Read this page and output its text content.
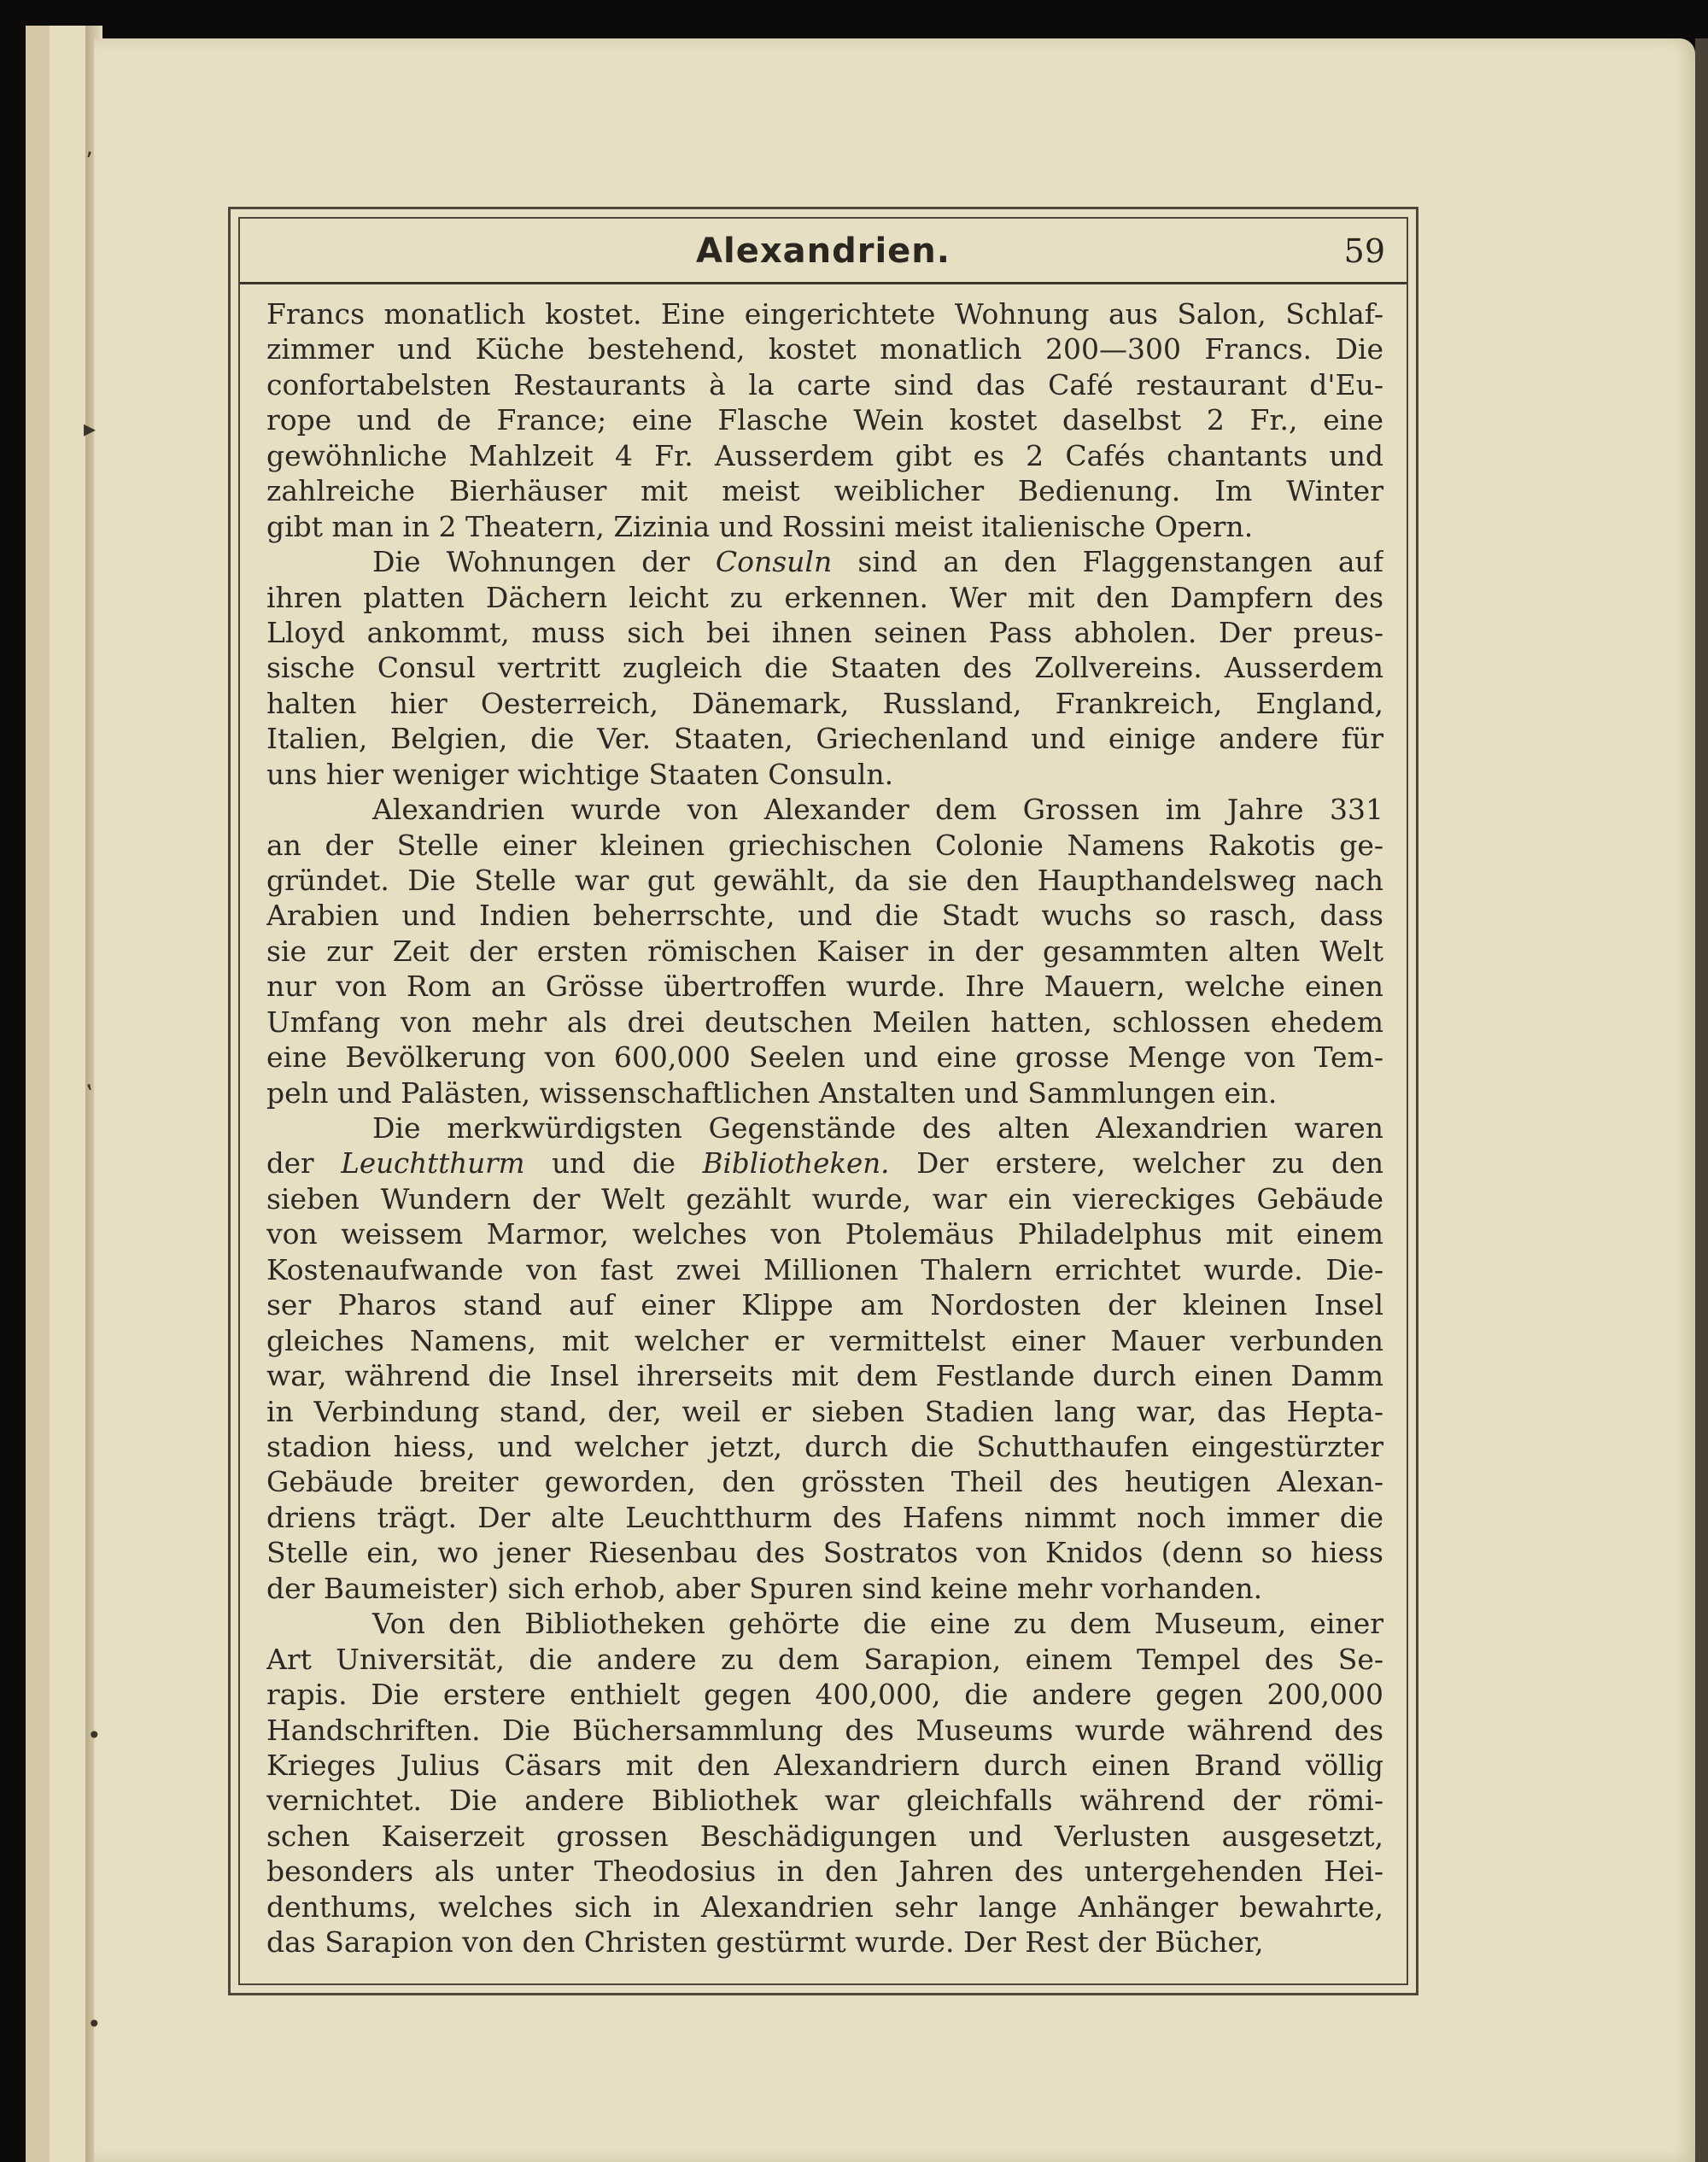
ʼ
▸
ʽ
•
•
Alexandrien.	59
Francs monatlich kostet. Eine eingerichtete Wohnung aus Salon, Schlaf-
zimmer und Küche bestehend, kostet monatlich 200—300 Francs. Die
confortabelsten Restaurants à la carte sind das Café restaurant d'Eu-
rope und de France; eine Flasche Wein kostet daselbst 2 Fr., eine
gewöhnliche Mahlzeit 4 Fr. Ausserdem gibt es 2 Cafés chantants und
zahlreiche Bierhäuser mit meist weiblicher Bedienung. Im Winter
gibt man in 2 Theatern, Zizinia und Rossini meist italienische Opern.
Die Wohnungen der Consuln sind an den Flaggenstangen auf
ihren platten Dächern leicht zu erkennen. Wer mit den Dampfern des
Lloyd ankommt, muss sich bei ihnen seinen Pass abholen. Der preus-
sische Consul vertritt zugleich die Staaten des Zollvereins. Ausserdem
halten hier Oesterreich, Dänemark, Russland, Frankreich, England,
Italien, Belgien, die Ver. Staaten, Griechenland und einige andere für
uns hier weniger wichtige Staaten Consuln.
Alexandrien wurde von Alexander dem Grossen im Jahre 331
an der Stelle einer kleinen griechischen Colonie Namens Rakotis ge-
gründet. Die Stelle war gut gewählt, da sie den Haupthandelsweg nach
Arabien und Indien beherrschte, und die Stadt wuchs so rasch, dass
sie zur Zeit der ersten römischen Kaiser in der gesammten alten Welt
nur von Rom an Grösse übertroffen wurde. Ihre Mauern, welche einen
Umfang von mehr als drei deutschen Meilen hatten, schlossen ehedem
eine Bevölkerung von 600,000 Seelen und eine grosse Menge von Tem-
peln und Palästen, wissenschaftlichen Anstalten und Sammlungen ein.
Die merkwürdigsten Gegenstände des alten Alexandrien waren
der Leuchtthurm und die Bibliotheken. Der erstere, welcher zu den
sieben Wundern der Welt gezählt wurde, war ein viereckiges Gebäude
von weissem Marmor, welches von Ptolemäus Philadelphus mit einem
Kostenaufwande von fast zwei Millionen Thalern errichtet wurde. Die-
ser Pharos stand auf einer Klippe am Nordosten der kleinen Insel
gleiches Namens, mit welcher er vermittelst einer Mauer verbunden
war, während die Insel ihrerseits mit dem Festlande durch einen Damm
in Verbindung stand, der, weil er sieben Stadien lang war, das Hepta-
stadion hiess, und welcher jetzt, durch die Schutthaufen eingestürzter
Gebäude breiter geworden, den grössten Theil des heutigen Alexan-
driens trägt. Der alte Leuchtthurm des Hafens nimmt noch immer die
Stelle ein, wo jener Riesenbau des Sostratos von Knidos (denn so hiess
der Baumeister) sich erhob, aber Spuren sind keine mehr vorhanden.
Von den Bibliotheken gehörte die eine zu dem Museum, einer
Art Universität, die andere zu dem Sarapion, einem Tempel des Se-
rapis. Die erstere enthielt gegen 400,000, die andere gegen 200,000
Handschriften. Die Büchersammlung des Museums wurde während des
Krieges Julius Cäsars mit den Alexandriern durch einen Brand völlig
vernichtet. Die andere Bibliothek war gleichfalls während der römi-
schen Kaiserzeit grossen Beschädigungen und Verlusten ausgesetzt,
besonders als unter Theodosius in den Jahren des untergehenden Hei-
denthums, welches sich in Alexandrien sehr lange Anhänger bewahrte,
das Sarapion von den Christen gestürmt wurde. Der Rest der Bücher,
